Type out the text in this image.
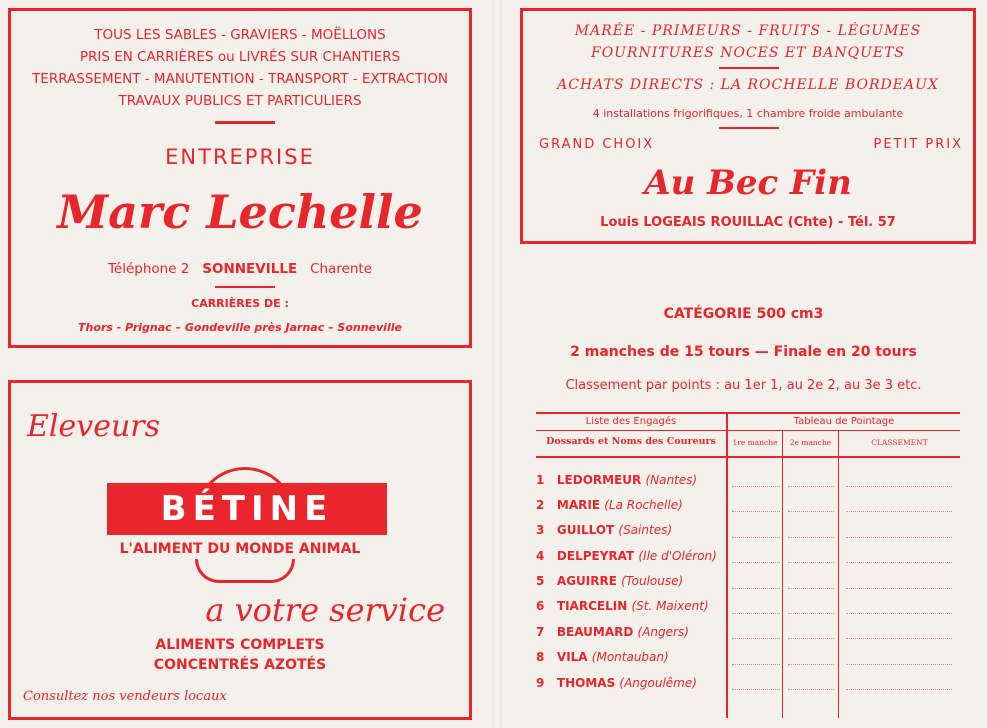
TOUS LES SABLES - GRAVIERS - MOËLLONS
PRIS EN CARRIÈRES ou LIVRÉS SUR CHANTIERS
TERRASSEMENT - MANUTENTION - TRANSPORT - EXTRACTION
TRAVAUX PUBLICS ET PARTICULIERS
ENTREPRISE
Marc Lechelle
Téléphone 2 SONNEVILLE Charente
CARRIÈRES DE :
Thors - Prignac – Gondeville près Jarnac – Sonneville
Eleveurs
BÉTINE
L'ALIMENT DU MONDE ANIMAL
a votre service
ALIMENTS COMPLETS
CONCENTRÉS AZOTÉS
Consultez nos vendeurs locaux
MARÉE - PRIMEURS - FRUITS - LÉGUMES
FOURNITURES NOCES ET BANQUETS
ACHATS DIRECTS : LA ROCHELLE BORDEAUX
4 installations frigorifiques, 1 chambre froide ambulante
GRAND CHOIX	PETIT PRIX
Au Bec Fin
Louis LOGEAIS ROUILLAC (Chte) - Tél. 57
CATÉGORIE 500 cm3
2 manches de 15 tours — Finale en 20 tours
Classement par points : au 1er 1, au 2e 2, au 3e 3 etc.
Liste des Engagés	Tableau de Pointage
Dossards et Noms des Coureurs	1re manche	2e manche	CLASSEMENT
1 LEDORMEUR (Nantes)
2 MARIE (La Rochelle)
3 GUILLOT (Saintes)
4 DELPEYRAT (Ile d'Oléron)
5 AGUIRRE (Toulouse)
6 TIARCELIN (St. Maixent)
7 BEAUMARD (Angers)
8 VILA (Montauban)
9 THOMAS (Angoulême)
